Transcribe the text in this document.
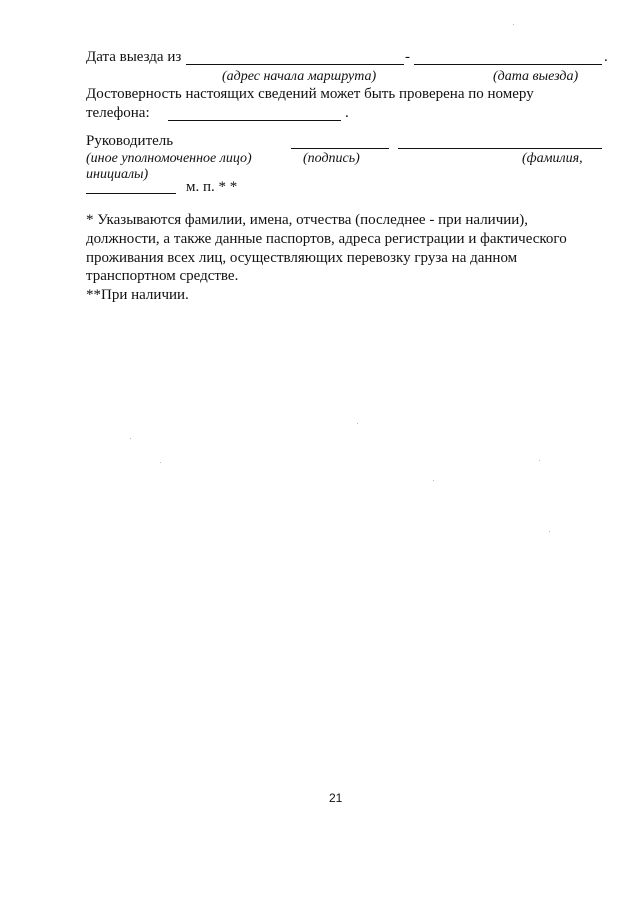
Дата выезда из	-	.
(адрес начала маршрута)	(дата выезда)
Достоверность настоящих сведений может быть проверена по номеру
телефона:	.
Руководитель
(иное уполномоченное лицо)	(подпись)	(фамилия,
инициалы)
м. п. * *
* Указываются фамилии, имена, отчества (последнее - при наличии),
должности, а также данные паспортов, адреса регистрации и фактического
проживания всех лиц, осуществляющих перевозку груза на данном
транспортном средстве.
**При наличии.
21
